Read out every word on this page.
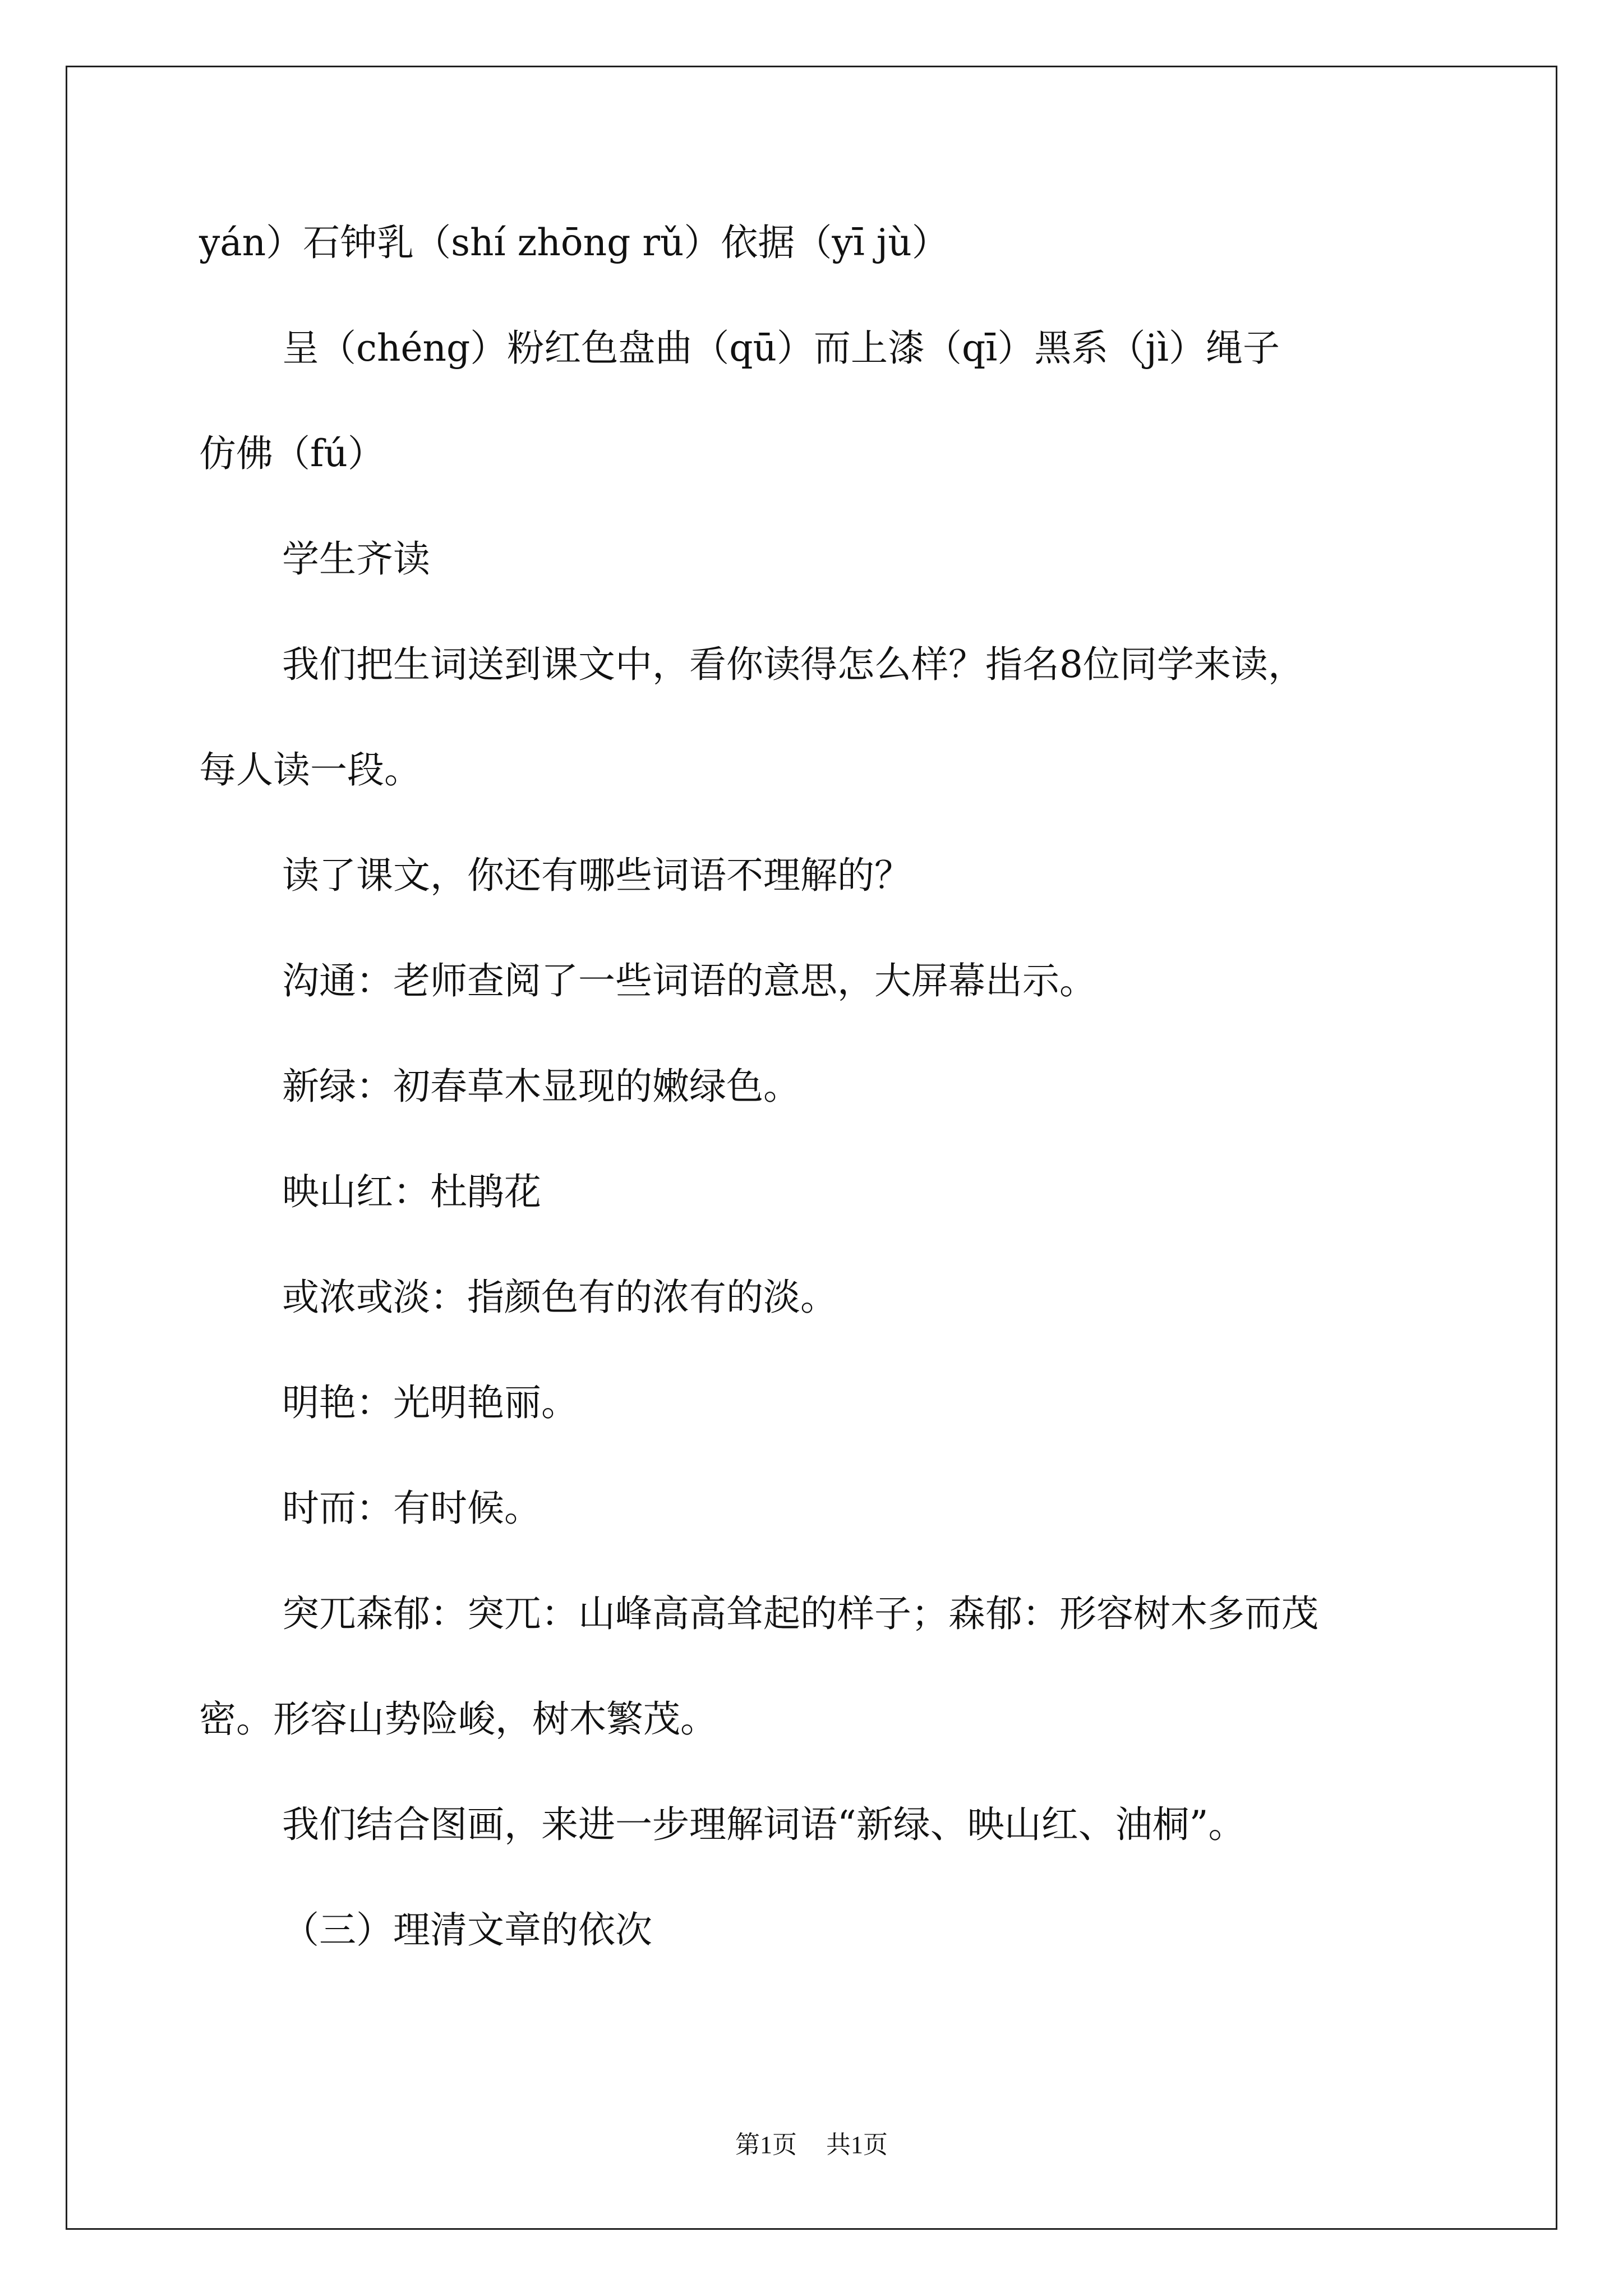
yán）石钟乳（shí zhōng rǔ）依据（yī jù）
呈（chéng）粉红色盘曲（qū）而上漆（qī）黑系（jì）绳子
仿佛（fú）
学生齐读
我们把生词送到课文中，看你读得怎么样？指名8位同学来读，
每人读一段。
读了课文，你还有哪些词语不理解的？
沟通：老师查阅了一些词语的意思，大屏幕出示。
新绿：初春草木显现的嫩绿色。
映山红：杜鹃花
或浓或淡：指颜色有的浓有的淡。
明艳：光明艳丽。
时而：有时候。
突兀森郁：突兀：山峰高高耸起的样子；森郁：形容树木多而茂
密。形容山势险峻，树木繁茂。
我们结合图画，来进一步理解词语“新绿、映山红、油桐”。
（三）理清文章的依次
第1页 共1页
